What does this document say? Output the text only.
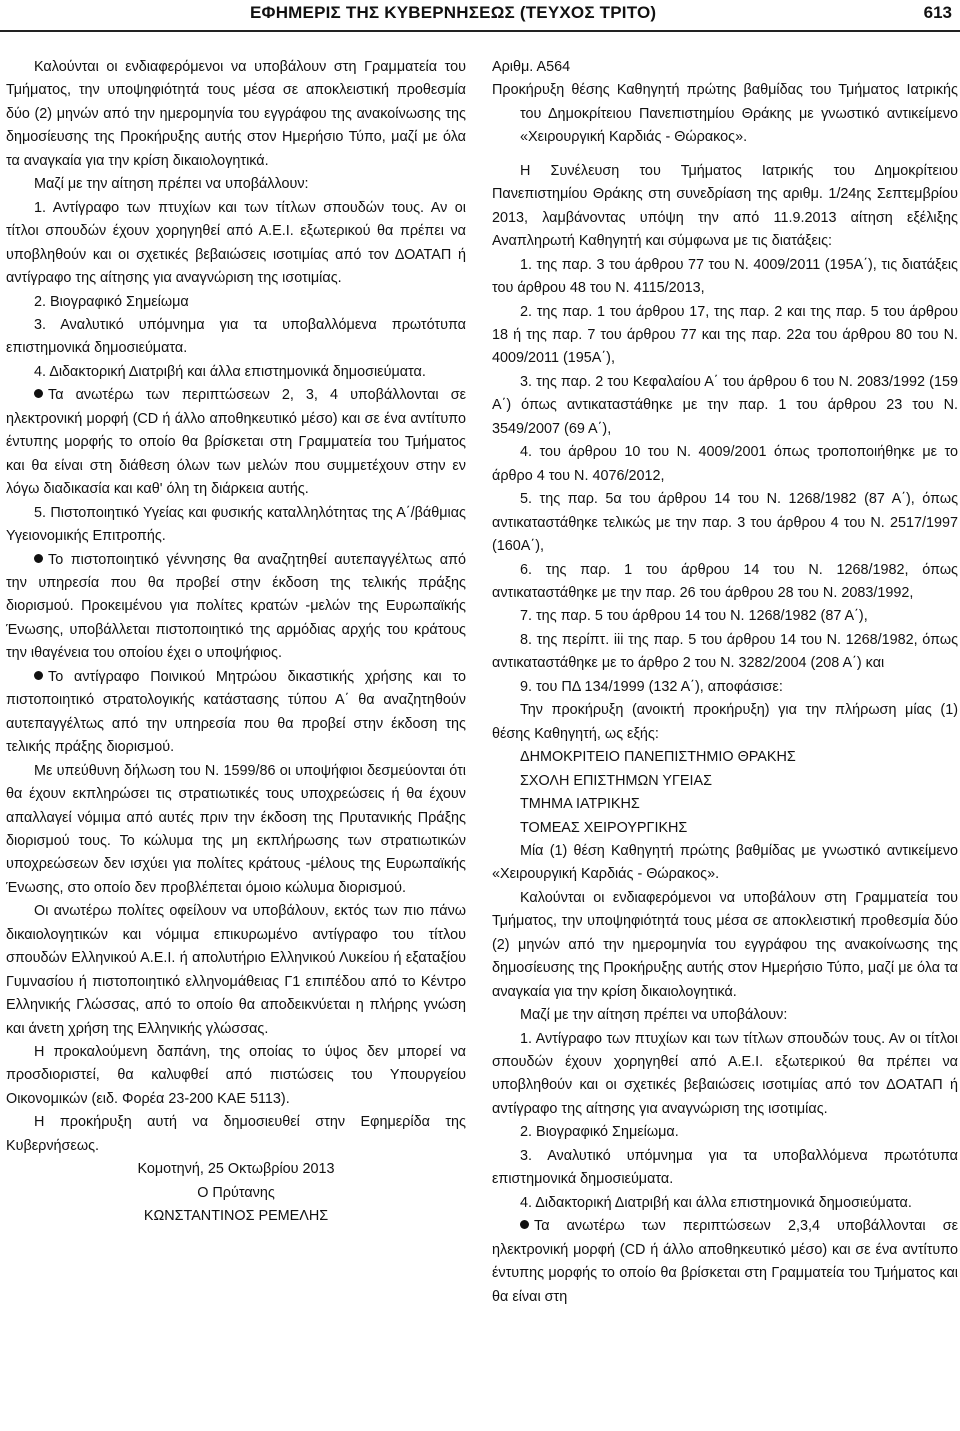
ΕΦΗΜΕΡΙΣ ΤΗΣ ΚΥΒΕΡΝΗΣΕΩΣ (ΤΕΥΧΟΣ ΤΡΙΤΟ)	613

Καλούνται οι ενδιαφερόμενοι να υποβάλουν στη Γραμματεία του Τμήματος, την υποψηφιότητά τους μέσα σε αποκλειστική προθεσμία δύο (2) μηνών από την ημερομηνία του εγγράφου της ανακοίνωσης της δημοσίευσης της Προκήρυξης αυτής στον Ημερήσιο Τύπο, μαζί με όλα τα αναγκαία για την κρίση δικαιολογητικά.

Μαζί με την αίτηση πρέπει να υποβάλλουν:

1. Αντίγραφο των πτυχίων και των τίτλων σπουδών τους. Αν οι τίτλοι σπουδών έχουν χορηγηθεί από Α.Ε.Ι. εξωτερικού θα πρέπει να υποβληθούν και οι σχετικές βεβαιώσεις ισοτιμίας από τον ΔΟΑΤΑΠ ή αντίγραφο της αίτησης για αναγνώριση της ισοτιμίας.

2. Βιογραφικό Σημείωμα

3. Αναλυτικό υπόμνημα για τα υποβαλλόμενα πρωτότυπα επιστημονικά δημοσιεύματα.

4. Διδακτορική Διατριβή και άλλα επιστημονικά δημοσιεύματα.

Τα ανωτέρω των περιπτώσεων 2, 3, 4 υποβάλλονται σε ηλεκτρονική μορφή (CD ή άλλο αποθηκευτικό μέσο) και σε ένα αντίτυπο έντυπης μορφής το οποίο θα βρίσκεται στη Γραμματεία του Τμήματος και θα είναι στη διάθεση όλων των μελών που συμμετέχουν στην εν λόγω διαδικασία και καθ' όλη τη διάρκεια αυτής.

5. Πιστοποιητικό Υγείας και φυσικής καταλληλότητας της Α΄/βάθμιας Υγειονομικής Επιτροπής.

Το πιστοποιητικό γέννησης θα αναζητηθεί αυτεπαγγέλτως από την υπηρεσία που θα προβεί στην έκδοση της τελικής πράξης διορισμού. Προκειμένου για πολίτες κρατών -μελών της Ευρωπαϊκής Ένωσης, υποβάλλεται πιστοποιητικό της αρμόδιας αρχής του κράτους την ιθαγένεια του οποίου έχει ο υποψήφιος.

Το αντίγραφο Ποινικού Μητρώου δικαστικής χρήσης και το πιστοποιητικό στρατολογικής κατάστασης τύπου Α΄ θα αναζητηθούν αυτεπαγγέλτως από την υπηρεσία που θα προβεί στην έκδοση της τελικής πράξης διορισμού.

Με υπεύθυνη δήλωση του Ν. 1599/86 οι υποψήφιοι δεσμεύονται ότι θα έχουν εκπληρώσει τις στρατιωτικές τους υποχρεώσεις ή θα έχουν απαλλαγεί νόμιμα από αυτές πριν την έκδοση της Πρυτανικής Πράξης διορισμού τους. Το κώλυμα της μη εκπλήρωσης των στρατιωτικών υποχρεώσεων δεν ισχύει για πολίτες κράτους -μέλους της Ευρωπαϊκής Ένωσης, στο οποίο δεν προβλέπεται όμοιο κώλυμα διορισμού.

Οι ανωτέρω πολίτες οφείλουν να υποβάλουν, εκτός των πιο πάνω δικαιολογητικών και νόμιμα επικυρωμένο αντίγραφο του τίτλου σπουδών Ελληνικού Α.Ε.Ι. ή απολυτήριο Ελληνικού Λυκείου ή εξαταξίου Γυμνασίου ή πιστοποιητικό ελληνομάθειας Γ1 επιπέδου από το Κέντρο Ελληνικής Γλώσσας, από το οποίο θα αποδεικνύεται η πλήρης γνώση και άνετη χρήση της Ελληνικής γλώσσας.

Η προκαλούμενη δαπάνη, της οποίας το ύψος δεν μπορεί να προσδιοριστεί, θα καλυφθεί από πιστώσεις του Υπουργείου Οικονομικών (ειδ. Φορέα 23-200 ΚΑΕ 5113).

Η προκήρυξη αυτή να δημοσιευθεί στην Εφημερίδα της Κυβερνήσεως.

Κομοτηνή, 25 Οκτωβρίου 2013

Ο Πρύτανης

ΚΩΝΣΤΑΝΤΙΝΟΣ ΡΕΜΕΛΗΣ

Αριθμ. Α564

Προκήρυξη θέσης Καθηγητή πρώτης βαθμίδας του Τμήματος Ιατρικής του Δημοκρίτειου Πανεπιστημίου Θράκης με γνωστικό αντικείμενο «Χειρουργική Καρδιάς - Θώρακος».

Η Συνέλευση του Τμήματος Ιατρικής του Δημοκρίτειου Πανεπιστημίου Θράκης στη συνεδρίαση της αριθμ. 1/24ης Σεπτεμβρίου 2013, λαμβάνοντας υπόψη την από 11.9.2013 αίτηση εξέλιξης Αναπληρωτή Καθηγητή και σύμφωνα με τις διατάξεις:

1. της παρ. 3 του άρθρου 77 του Ν. 4009/2011 (195Α΄), τις διατάξεις του άρθρου 48 του Ν. 4115/2013,

2. της παρ. 1 του άρθρου 17, της παρ. 2 και της παρ. 5 του άρθρου 18 ή της παρ. 7 του άρθρου 77 και της παρ. 22α του άρθρου 80 του Ν. 4009/2011 (195Α΄),

3. της παρ. 2 του Κεφαλαίου Α΄ του άρθρου 6 του Ν. 2083/1992 (159 Α΄) όπως αντικαταστάθηκε με την παρ. 1 του άρθρου 23 του Ν. 3549/2007 (69 Α΄),

4. του άρθρου 10 του Ν. 4009/2001 όπως τροποποιήθηκε με το άρθρο 4 του Ν. 4076/2012,

5. της παρ. 5α του άρθρου 14 του Ν. 1268/1982 (87 Α΄), όπως αντικαταστάθηκε τελικώς με την παρ. 3 του άρθρου 4 του Ν. 2517/1997 (160Α΄),

6. της παρ. 1 του άρθρου 14 του Ν. 1268/1982, όπως αντικαταστάθηκε με την παρ. 26 του άρθρου 28 του Ν. 2083/1992,

7. της παρ. 5 του άρθρου 14 του Ν. 1268/1982 (87 Α΄),

8. της περίπτ. iii της παρ. 5 του άρθρου 14 του Ν. 1268/1982, όπως αντικαταστάθηκε με το άρθρο 2 του Ν. 3282/2004 (208 Α΄) και

9. του ΠΔ 134/1999 (132 Α΄), αποφάσισε:

Την προκήρυξη (ανοικτή προκήρυξη) για την πλήρωση μίας (1) θέσης Καθηγητή, ως εξής:

ΔΗΜΟΚΡΙΤΕΙΟ ΠΑΝΕΠΙΣΤΗΜΙΟ ΘΡΑΚΗΣ

ΣΧΟΛΗ ΕΠΙΣΤΗΜΩΝ ΥΓΕΙΑΣ

ΤΜΗΜΑ ΙΑΤΡΙΚΗΣ

ΤΟΜΕΑΣ ΧΕΙΡΟΥΡΓΙΚΗΣ

Μία (1) θέση Καθηγητή πρώτης βαθμίδας με γνωστικό αντικείμενο «Χειρουργική Καρδιάς - Θώρακος».

Καλούνται οι ενδιαφερόμενοι να υποβάλουν στη Γραμματεία του Τμήματος, την υποψηφιότητά τους μέσα σε αποκλειστική προθεσμία δύο (2) μηνών από την ημερομηνία του εγγράφου της ανακοίνωσης της δημοσίευσης της Προκήρυξης αυτής στον Ημερήσιο Τύπο, μαζί με όλα τα αναγκαία για την κρίση δικαιολογητικά.

Μαζί με την αίτηση πρέπει να υποβάλουν:

1. Αντίγραφο των πτυχίων και των τίτλων σπουδών τους. Αν οι τίτλοι σπουδών έχουν χορηγηθεί από Α.Ε.Ι. εξωτερικού θα πρέπει να υποβληθούν και οι σχετικές βεβαιώσεις ισοτιμίας από τον ΔΟΑΤΑΠ ή αντίγραφο της αίτησης για αναγνώριση της ισοτιμίας.

2. Βιογραφικό Σημείωμα.

3. Αναλυτικό υπόμνημα για τα υποβαλλόμενα πρωτότυπα επιστημονικά δημοσιεύματα.

4. Διδακτορική Διατριβή και άλλα επιστημονικά δημοσιεύματα.

Τα ανωτέρω των περιπτώσεων 2,3,4 υποβάλλονται σε ηλεκτρονική μορφή (CD ή άλλο αποθηκευτικό μέσο) και σε ένα αντίτυπο έντυπης μορφής το οποίο θα βρίσκεται στη Γραμματεία του Τμήματος και θα είναι στη
